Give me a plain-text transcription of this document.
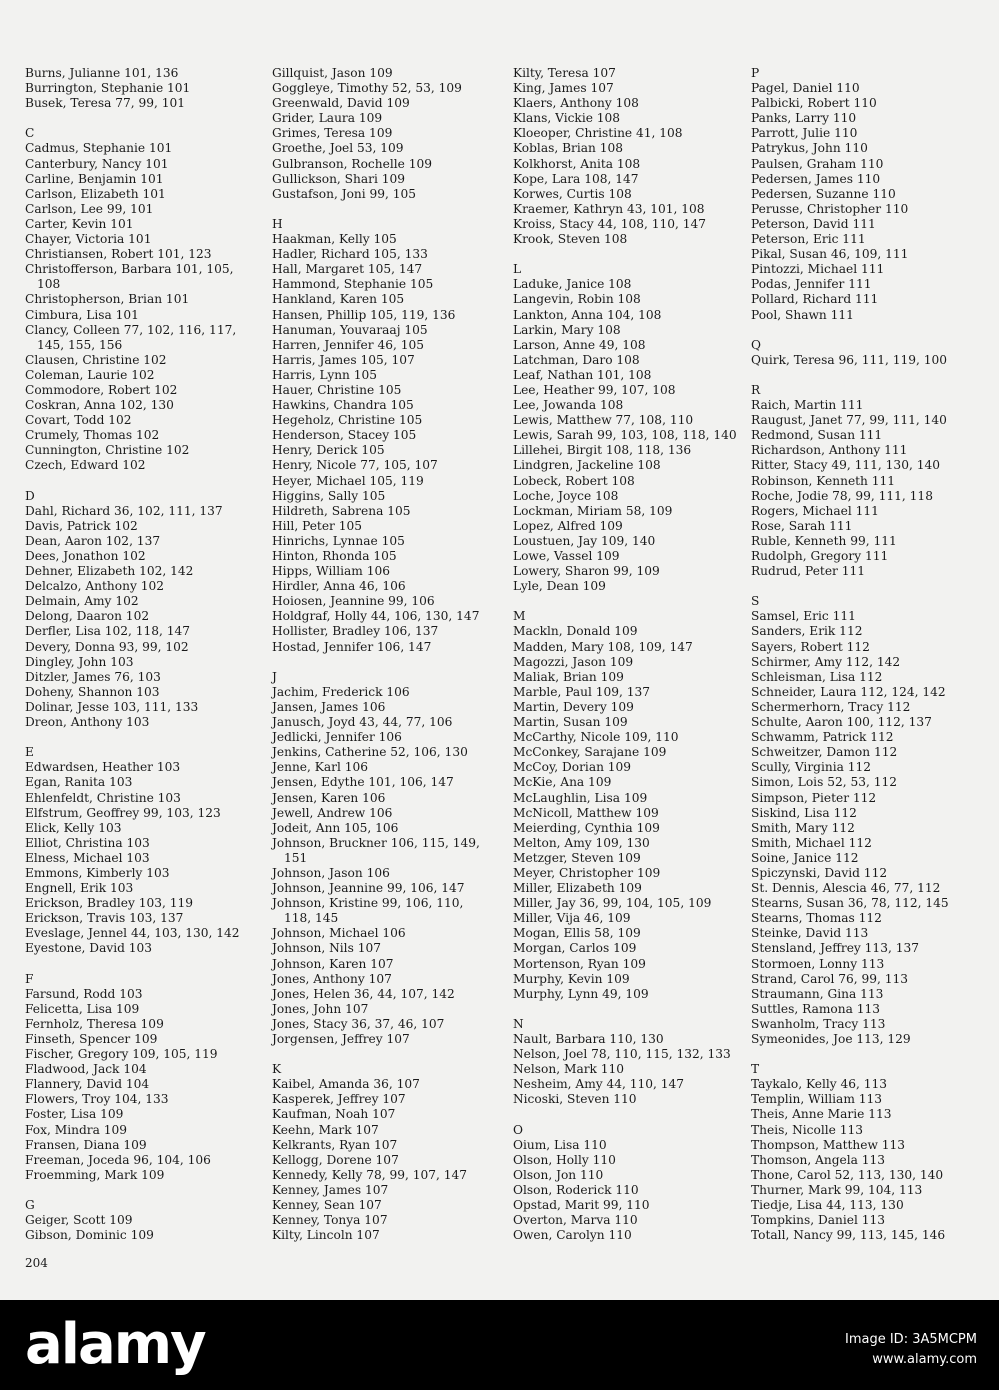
Burns, Julianne 101, 136
Burrington, Stephanie 101
Busek, Teresa 77, 99, 101
C
Cadmus, Stephanie 101
Canterbury, Nancy 101
Carline, Benjamin 101
Carlson, Elizabeth 101
Carlson, Lee 99, 101
Carter, Kevin 101
Chayer, Victoria 101
Christiansen, Robert 101, 123
Christofferson, Barbara 101, 105,
108
Christopherson, Brian 101
Cimbura, Lisa 101
Clancy, Colleen 77, 102, 116, 117,
145, 155, 156
Clausen, Christine 102
Coleman, Laurie 102
Commodore, Robert 102
Coskran, Anna 102, 130
Covart, Todd 102
Crumely, Thomas 102
Cunnington, Christine 102
Czech, Edward 102
D
Dahl, Richard 36, 102, 111, 137
Davis, Patrick 102
Dean, Aaron 102, 137
Dees, Jonathon 102
Dehner, Elizabeth 102, 142
Delcalzo, Anthony 102
Delmain, Amy 102
Delong, Daaron 102
Derfler, Lisa 102, 118, 147
Devery, Donna 93, 99, 102
Dingley, John 103
Ditzler, James 76, 103
Doheny, Shannon 103
Dolinar, Jesse 103, 111, 133
Dreon, Anthony 103
E
Edwardsen, Heather 103
Egan, Ranita 103
Ehlenfeldt, Christine 103
Elfstrum, Geoffrey 99, 103, 123
Elick, Kelly 103
Elliot, Christina 103
Elness, Michael 103
Emmons, Kimberly 103
Engnell, Erik 103
Erickson, Bradley 103, 119
Erickson, Travis 103, 137
Eveslage, Jennel 44, 103, 130, 142
Eyestone, David 103
F
Farsund, Rodd 103
Felicetta, Lisa 109
Fernholz, Theresa 109
Finseth, Spencer 109
Fischer, Gregory 109, 105, 119
Fladwood, Jack 104
Flannery, David 104
Flowers, Troy 104, 133
Foster, Lisa 109
Fox, Mindra 109
Fransen, Diana 109
Freeman, Joceda 96, 104, 106
Froemming, Mark 109
G
Geiger, Scott 109
Gibson, Dominic 109
Gillquist, Jason 109
Goggleye, Timothy 52, 53, 109
Greenwald, David 109
Grider, Laura 109
Grimes, Teresa 109
Groethe, Joel 53, 109
Gulbranson, Rochelle 109
Gullickson, Shari 109
Gustafson, Joni 99, 105
H
Haakman, Kelly 105
Hadler, Richard 105, 133
Hall, Margaret 105, 147
Hammond, Stephanie 105
Hankland, Karen 105
Hansen, Phillip 105, 119, 136
Hanuman, Youvaraaj 105
Harren, Jennifer 46, 105
Harris, James 105, 107
Harris, Lynn 105
Hauer, Christine 105
Hawkins, Chandra 105
Hegeholz, Christine 105
Henderson, Stacey 105
Henry, Derick 105
Henry, Nicole 77, 105, 107
Heyer, Michael 105, 119
Higgins, Sally 105
Hildreth, Sabrena 105
Hill, Peter 105
Hinrichs, Lynnae 105
Hinton, Rhonda 105
Hipps, William 106
Hirdler, Anna 46, 106
Hoiosen, Jeannine 99, 106
Holdgraf, Holly 44, 106, 130, 147
Hollister, Bradley 106, 137
Hostad, Jennifer 106, 147
J
Jachim, Frederick 106
Jansen, James 106
Janusch, Joyd 43, 44, 77, 106
Jedlicki, Jennifer 106
Jenkins, Catherine 52, 106, 130
Jenne, Karl 106
Jensen, Edythe 101, 106, 147
Jensen, Karen 106
Jewell, Andrew 106
Jodeit, Ann 105, 106
Johnson, Bruckner 106, 115, 149,
151
Johnson, Jason 106
Johnson, Jeannine 99, 106, 147
Johnson, Kristine 99, 106, 110,
118, 145
Johnson, Michael 106
Johnson, Nils 107
Johnson, Karen 107
Jones, Anthony 107
Jones, Helen 36, 44, 107, 142
Jones, John 107
Jones, Stacy 36, 37, 46, 107
Jorgensen, Jeffrey 107
K
Kaibel, Amanda 36, 107
Kasperek, Jeffrey 107
Kaufman, Noah 107
Keehn, Mark 107
Kelkrants, Ryan 107
Kellogg, Dorene 107
Kennedy, Kelly 78, 99, 107, 147
Kenney, James 107
Kenney, Sean 107
Kenney, Tonya 107
Kilty, Lincoln 107
Kilty, Teresa 107
King, James 107
Klaers, Anthony 108
Klans, Vickie 108
Kloeoper, Christine 41, 108
Koblas, Brian 108
Kolkhorst, Anita 108
Kope, Lara 108, 147
Korwes, Curtis 108
Kraemer, Kathryn 43, 101, 108
Kroiss, Stacy 44, 108, 110, 147
Krook, Steven 108
L
Laduke, Janice 108
Langevin, Robin 108
Lankton, Anna 104, 108
Larkin, Mary 108
Larson, Anne 49, 108
Latchman, Daro 108
Leaf, Nathan 101, 108
Lee, Heather 99, 107, 108
Lee, Jowanda 108
Lewis, Matthew 77, 108, 110
Lewis, Sarah 99, 103, 108, 118, 140
Lillehei, Birgit 108, 118, 136
Lindgren, Jackeline 108
Lobeck, Robert 108
Loche, Joyce 108
Lockman, Miriam 58, 109
Lopez, Alfred 109
Loustuen, Jay 109, 140
Lowe, Vassel 109
Lowery, Sharon 99, 109
Lyle, Dean 109
M
Mackln, Donald 109
Madden, Mary 108, 109, 147
Magozzi, Jason 109
Maliak, Brian 109
Marble, Paul 109, 137
Martin, Devery 109
Martin, Susan 109
McCarthy, Nicole 109, 110
McConkey, Sarajane 109
McCoy, Dorian 109
McKie, Ana 109
McLaughlin, Lisa 109
McNicoll, Matthew 109
Meierding, Cynthia 109
Melton, Amy 109, 130
Metzger, Steven 109
Meyer, Christopher 109
Miller, Elizabeth 109
Miller, Jay 36, 99, 104, 105, 109
Miller, Vija 46, 109
Mogan, Ellis 58, 109
Morgan, Carlos 109
Mortenson, Ryan 109
Murphy, Kevin 109
Murphy, Lynn 49, 109
N
Nault, Barbara 110, 130
Nelson, Joel 78, 110, 115, 132, 133
Nelson, Mark 110
Nesheim, Amy 44, 110, 147
Nicoski, Steven 110
O
Oium, Lisa 110
Olson, Holly 110
Olson, Jon 110
Olson, Roderick 110
Opstad, Marit 99, 110
Overton, Marva 110
Owen, Carolyn 110
P
Pagel, Daniel 110
Palbicki, Robert 110
Panks, Larry 110
Parrott, Julie 110
Patrykus, John 110
Paulsen, Graham 110
Pedersen, James 110
Pedersen, Suzanne 110
Perusse, Christopher 110
Peterson, David 111
Peterson, Eric 111
Pikal, Susan 46, 109, 111
Pintozzi, Michael 111
Podas, Jennifer 111
Pollard, Richard 111
Pool, Shawn 111
Q
Quirk, Teresa 96, 111, 119, 100
R
Raich, Martin 111
Raugust, Janet 77, 99, 111, 140
Redmond, Susan 111
Richardson, Anthony 111
Ritter, Stacy 49, 111, 130, 140
Robinson, Kenneth 111
Roche, Jodie 78, 99, 111, 118
Rogers, Michael 111
Rose, Sarah 111
Ruble, Kenneth 99, 111
Rudolph, Gregory 111
Rudrud, Peter 111
S
Samsel, Eric 111
Sanders, Erik 112
Sayers, Robert 112
Schirmer, Amy 112, 142
Schleisman, Lisa 112
Schneider, Laura 112, 124, 142
Schermerhorn, Tracy 112
Schulte, Aaron 100, 112, 137
Schwamm, Patrick 112
Schweitzer, Damon 112
Scully, Virginia 112
Simon, Lois 52, 53, 112
Simpson, Pieter 112
Siskind, Lisa 112
Smith, Mary 112
Smith, Michael 112
Soine, Janice 112
Spiczynski, David 112
St. Dennis, Alescia 46, 77, 112
Stearns, Susan 36, 78, 112, 145
Stearns, Thomas 112
Steinke, David 113
Stensland, Jeffrey 113, 137
Stormoen, Lonny 113
Strand, Carol 76, 99, 113
Straumann, Gina 113
Suttles, Ramona 113
Swanholm, Tracy 113
Symeonides, Joe 113, 129
T
Taykalo, Kelly 46, 113
Templin, William 113
Theis, Anne Marie 113
Theis, Nicolle 113
Thompson, Matthew 113
Thomson, Angela 113
Thone, Carol 52, 113, 130, 140
Thurner, Mark 99, 104, 113
Tiedje, Lisa 44, 113, 130
Tompkins, Daniel 113
Totall, Nancy 99, 113, 145, 146
204
alamy	Image ID: 3A5MCPM
www.alamy.com
